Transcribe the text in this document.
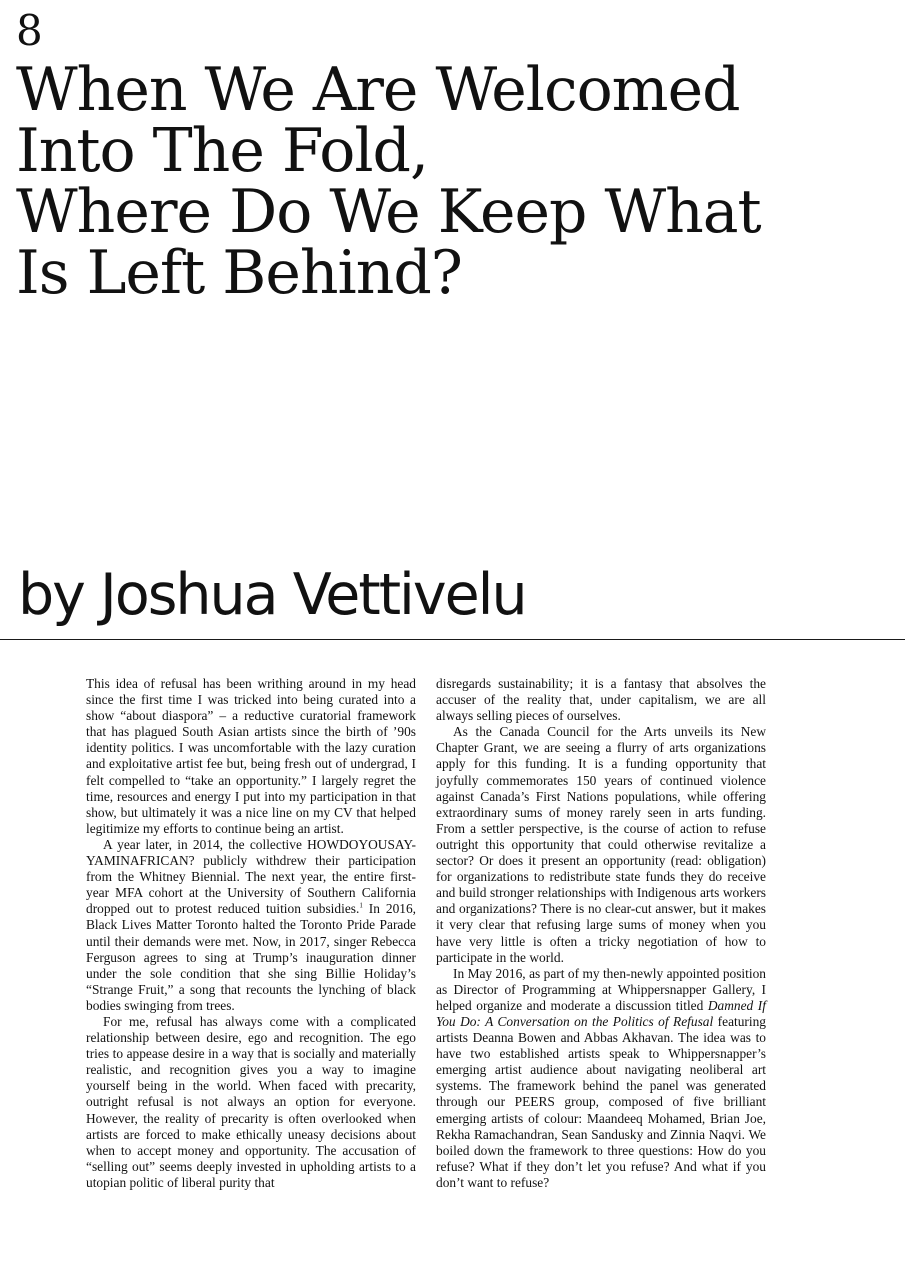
8
When We Are Welcomed
Into The Fold,
Where Do We Keep What
Is Left Behind?
by Joshua Vettivelu

This idea of refusal has been writhing around in my head since the first time I was tricked into being curated into a show “about diaspora” – a reductive curatorial framework that has plagued South Asian artists since the birth of ’90s identity politics. I was uncomfortable with the lazy curation and exploitative artist fee but, being fresh out of undergrad, I felt compelled to “take an opportunity.” I largely regret the time, resources and energy I put into my participation in that show, but ultimately it was a nice line on my CV that helped legitimize my efforts to continue being an artist.

A year later, in 2014, the collective HOWDOYOUSAY-YAMINAFRICAN? publicly withdrew their participation from the Whitney Biennial. The next year, the entire first-year MFA cohort at the University of Southern California dropped out to protest reduced tuition subsidies.$^1$ In 2016, Black Lives Matter Toronto halted the Toronto Pride Parade until their demands were met. Now, in 2017, singer Rebecca Ferguson agrees to sing at Trump’s inauguration dinner under the sole condition that she sing Billie Holiday’s “Strange Fruit,” a song that recounts the lynching of black bodies swinging from trees.

For me, refusal has always come with a complicated relationship between desire, ego and recognition. The ego tries to appease desire in a way that is socially and materially realistic, and recognition gives you a way to imagine yourself being in the world. When faced with precarity, outright refusal is not always an option for everyone. However, the reality of precarity is often overlooked when artists are forced to make ethically uneasy decisions about when to accept money and opportunity. The accusation of “selling out” seems deeply invested in upholding artists to a utopian politic of liberal purity that

disregards sustainability; it is a fantasy that absolves the accuser of the reality that, under capitalism, we are all always selling pieces of ourselves.

As the Canada Council for the Arts unveils its New Chapter Grant, we are seeing a flurry of arts organizations apply for this funding. It is a funding opportunity that joyfully commemorates 150 years of continued violence against Canada’s First Nations populations, while offering extraordinary sums of money rarely seen in arts funding. From a settler perspective, is the course of action to refuse outright this opportunity that could otherwise revitalize a sector? Or does it present an opportunity (read: obligation) for organizations to redistribute state funds they do receive and build stronger relationships with Indigenous arts workers and organizations? There is no clear-cut answer, but it makes it very clear that refusing large sums of money when you have very little is often a tricky negotiation of how to participate in the world.

In May 2016, as part of my then-newly appointed position as Director of Programming at Whippersnapper Gallery, I helped organize and moderate a discussion titled Damned If You Do: A Conversation on the Politics of Refusal featuring artists Deanna Bowen and Abbas Akhavan. The idea was to have two established artists speak to Whippersnapper’s emerging artist audience about navigating neoliberal art systems. The framework behind the panel was generated through our PEERS group, composed of five brilliant emerging artists of colour: Maandeeq Mohamed, Brian Joe, Rekha Ramachandran, Sean Sandusky and Zinnia Naqvi. We boiled down the framework to three questions: How do you refuse? What if they don’t let you refuse? And what if you don’t want to refuse?
